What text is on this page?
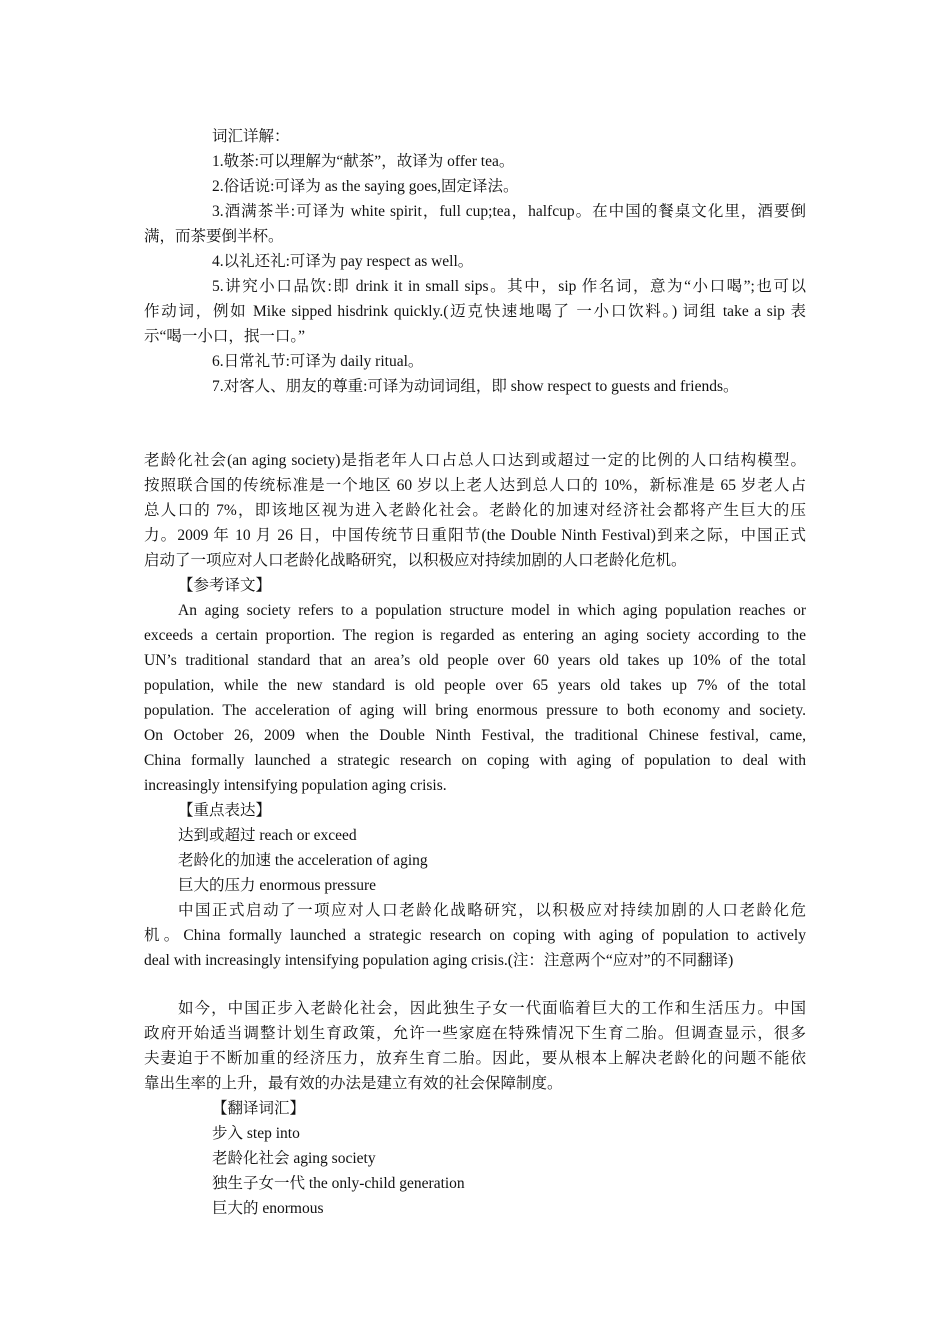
词汇详解：
1.敬茶:可以理解为“献茶”，故译为 offer tea。
2.俗话说:可译为 as the saying goes,固定译法。
3.酒满茶半:可译为 white spirit，full cup;tea，halfcup。在中国的餐桌文化里，酒要倒
满，而茶要倒半杯。
4.以礼还礼:可译为 pay respect as well。
5.讲究小口品饮:即 drink it in small sips。其中，sip 作名词，意为“小口喝”;也可以
作动词，例如 Mike sipped hisdrink quickly.(迈克快速地喝了 一小口饮料。) 词组 take a sip 表
示“喝一小口，抿一口。”
6.日常礼节:可译为 daily ritual。
7.对客人、朋友的尊重:可译为动词词组，即 show respect to guests and friends。
老龄化社会(an aging society)是指老年人口占总人口达到或超过一定的比例的人口结构模型。
按照联合国的传统标准是一个地区 60 岁以上老人达到总人口的 10%，新标准是 65 岁老人占
总人口的 7%，即该地区视为进入老龄化社会。老龄化的加速对经济社会都将产生巨大的压
力。2009 年 10 月 26 日，中国传统节日重阳节(the Double Ninth Festival)到来之际，中国正式
启动了一项应对人口老龄化战略研究，以积极应对持续加剧的人口老龄化危机。
【参考译文】
An aging society refers to a population structure model in which aging population reaches or
exceeds a certain proportion. The region is regarded as entering an aging society according to the
UN’s traditional standard that an area’s old people over 60 years old takes up 10% of the total
population, while the new standard is old people over 65 years old takes up 7% of the total
population. The acceleration of aging will bring enormous pressure to both economy and society.
On October 26, 2009 when the Double Ninth Festival, the traditional Chinese festival, came,
China formally launched a strategic research on coping with aging of population to deal with
increasingly intensifying population aging crisis.
【重点表达】
达到或超过 reach or exceed
老龄化的加速 the acceleration of aging
巨大的压力 enormous pressure
中国正式启动了一项应对人口老龄化战略研究，以积极应对持续加剧的人口老龄化危
机。China formally launched a strategic research on coping with aging of population to actively
deal with increasingly intensifying population aging crisis.(注：注意两个“应对”的不同翻译)
如今，中国正步入老龄化社会，因此独生子女一代面临着巨大的工作和生活压力。中国
政府开始适当调整计划生育政策，允许一些家庭在特殊情况下生育二胎。但调查显示，很多
夫妻迫于不断加重的经济压力，放弃生育二胎。因此，要从根本上解决老龄化的问题不能依
靠出生率的上升，最有效的办法是建立有效的社会保障制度。
【翻译词汇】
步入 step into
老龄化社会 aging society
独生子女一代 the only-child generation
巨大的 enormous
